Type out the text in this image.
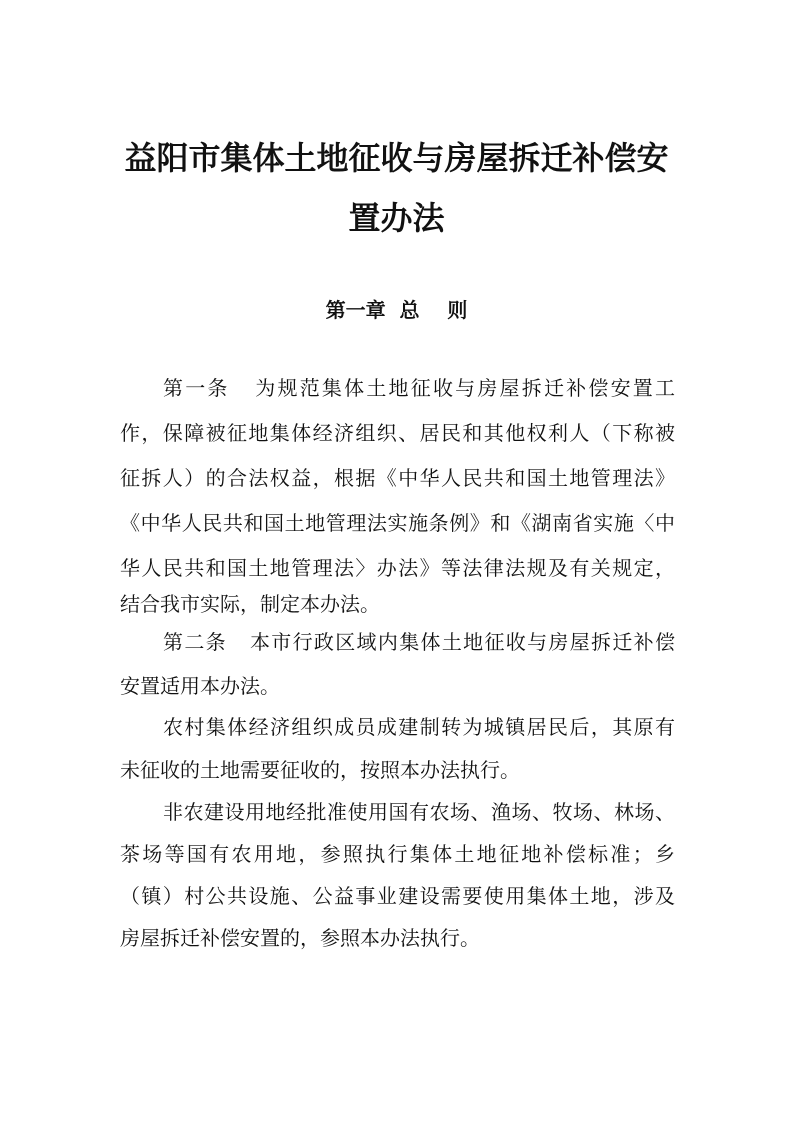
益阳市集体土地征收与房屋拆迁补偿安
置办法
第一章  总    则

第一条   为规范集体土地征收与房屋拆迁补偿安置工

作，保障被征地集体经济组织、居民和其他权利人（下称被

征拆人）的合法权益，根据《中华人民共和国土地管理法》

《中华人民共和国土地管理法实施条例》和《湖南省实施〈中

华人民共和国土地管理法〉办法》等法律法规及有关规定，

结合我市实际，制定本办法。

第二条   本市行政区域内集体土地征收与房屋拆迁补偿

安置适用本办法。

农村集体经济组织成员成建制转为城镇居民后，其原有

未征收的土地需要征收的，按照本办法执行。

非农建设用地经批准使用国有农场、渔场、牧场、林场、

茶场等国有农用地，参照执行集体土地征地补偿标准；乡

（镇）村公共设施、公益事业建设需要使用集体土地，涉及

房屋拆迁补偿安置的，参照本办法执行。
